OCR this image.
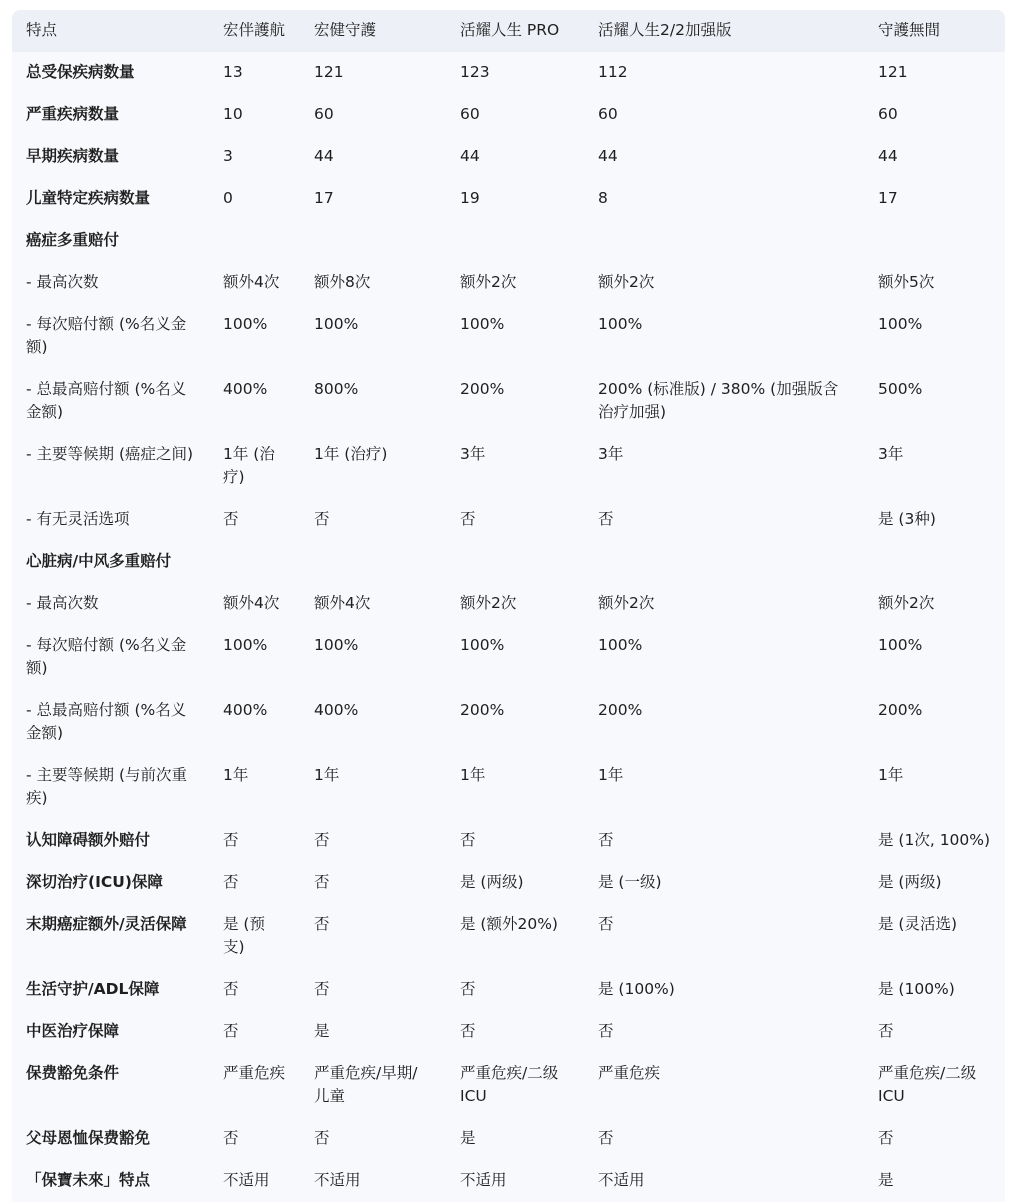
特点	宏伴護航	宏健守護	活耀人生 PRO	活耀人生2/2加强版	守護無間
总受保疾病数量	13	121	123	112	121
严重疾病数量	10	60	60	60	60
早期疾病数量	3	44	44	44	44
儿童特定疾病数量	0	17	19	8	17
癌症多重赔付					
- 最高次数	额外4次	额外8次	额外2次	额外2次	额外5次
- 每次赔付额 (%名义金额)	100%	100%	100%	100%	100%
- 总最高赔付额 (%名义金额)	400%	800%	200%	200% (标准版) / 380% (加强版含治疗加强)	500%
- 主要等候期 (癌症之间)	1年 (治疗)	1年 (治疗)	3年	3年	3年
- 有无灵活选项	否	否	否	否	是 (3种)
心脏病/中风多重赔付					
- 最高次数	额外4次	额外4次	额外2次	额外2次	额外2次
- 每次赔付额 (%名义金额)	100%	100%	100%	100%	100%
- 总最高赔付额 (%名义金额)	400%	400%	200%	200%	200%
- 主要等候期 (与前次重疾)	1年	1年	1年	1年	1年
认知障碍额外赔付	否	否	否	否	是 (1次, 100%)
深切治疗(ICU)保障	否	否	是 (两级)	是 (一级)	是 (两级)
末期癌症额外/灵活保障	是 (预支)	否	是 (额外20%)	否	是 (灵活选)
生活守护/ADL保障	否	否	否	是 (100%)	是 (100%)
中医治疗保障	否	是	否	否	否
保费豁免条件	严重危疾	严重危疾/早期/儿童	严重危疾/二级ICU	严重危疾	严重危疾/二级ICU
父母恩恤保费豁免	否	否	是	否	否
「保寶未來」特点	不适用	不适用	不适用	不适用	是
